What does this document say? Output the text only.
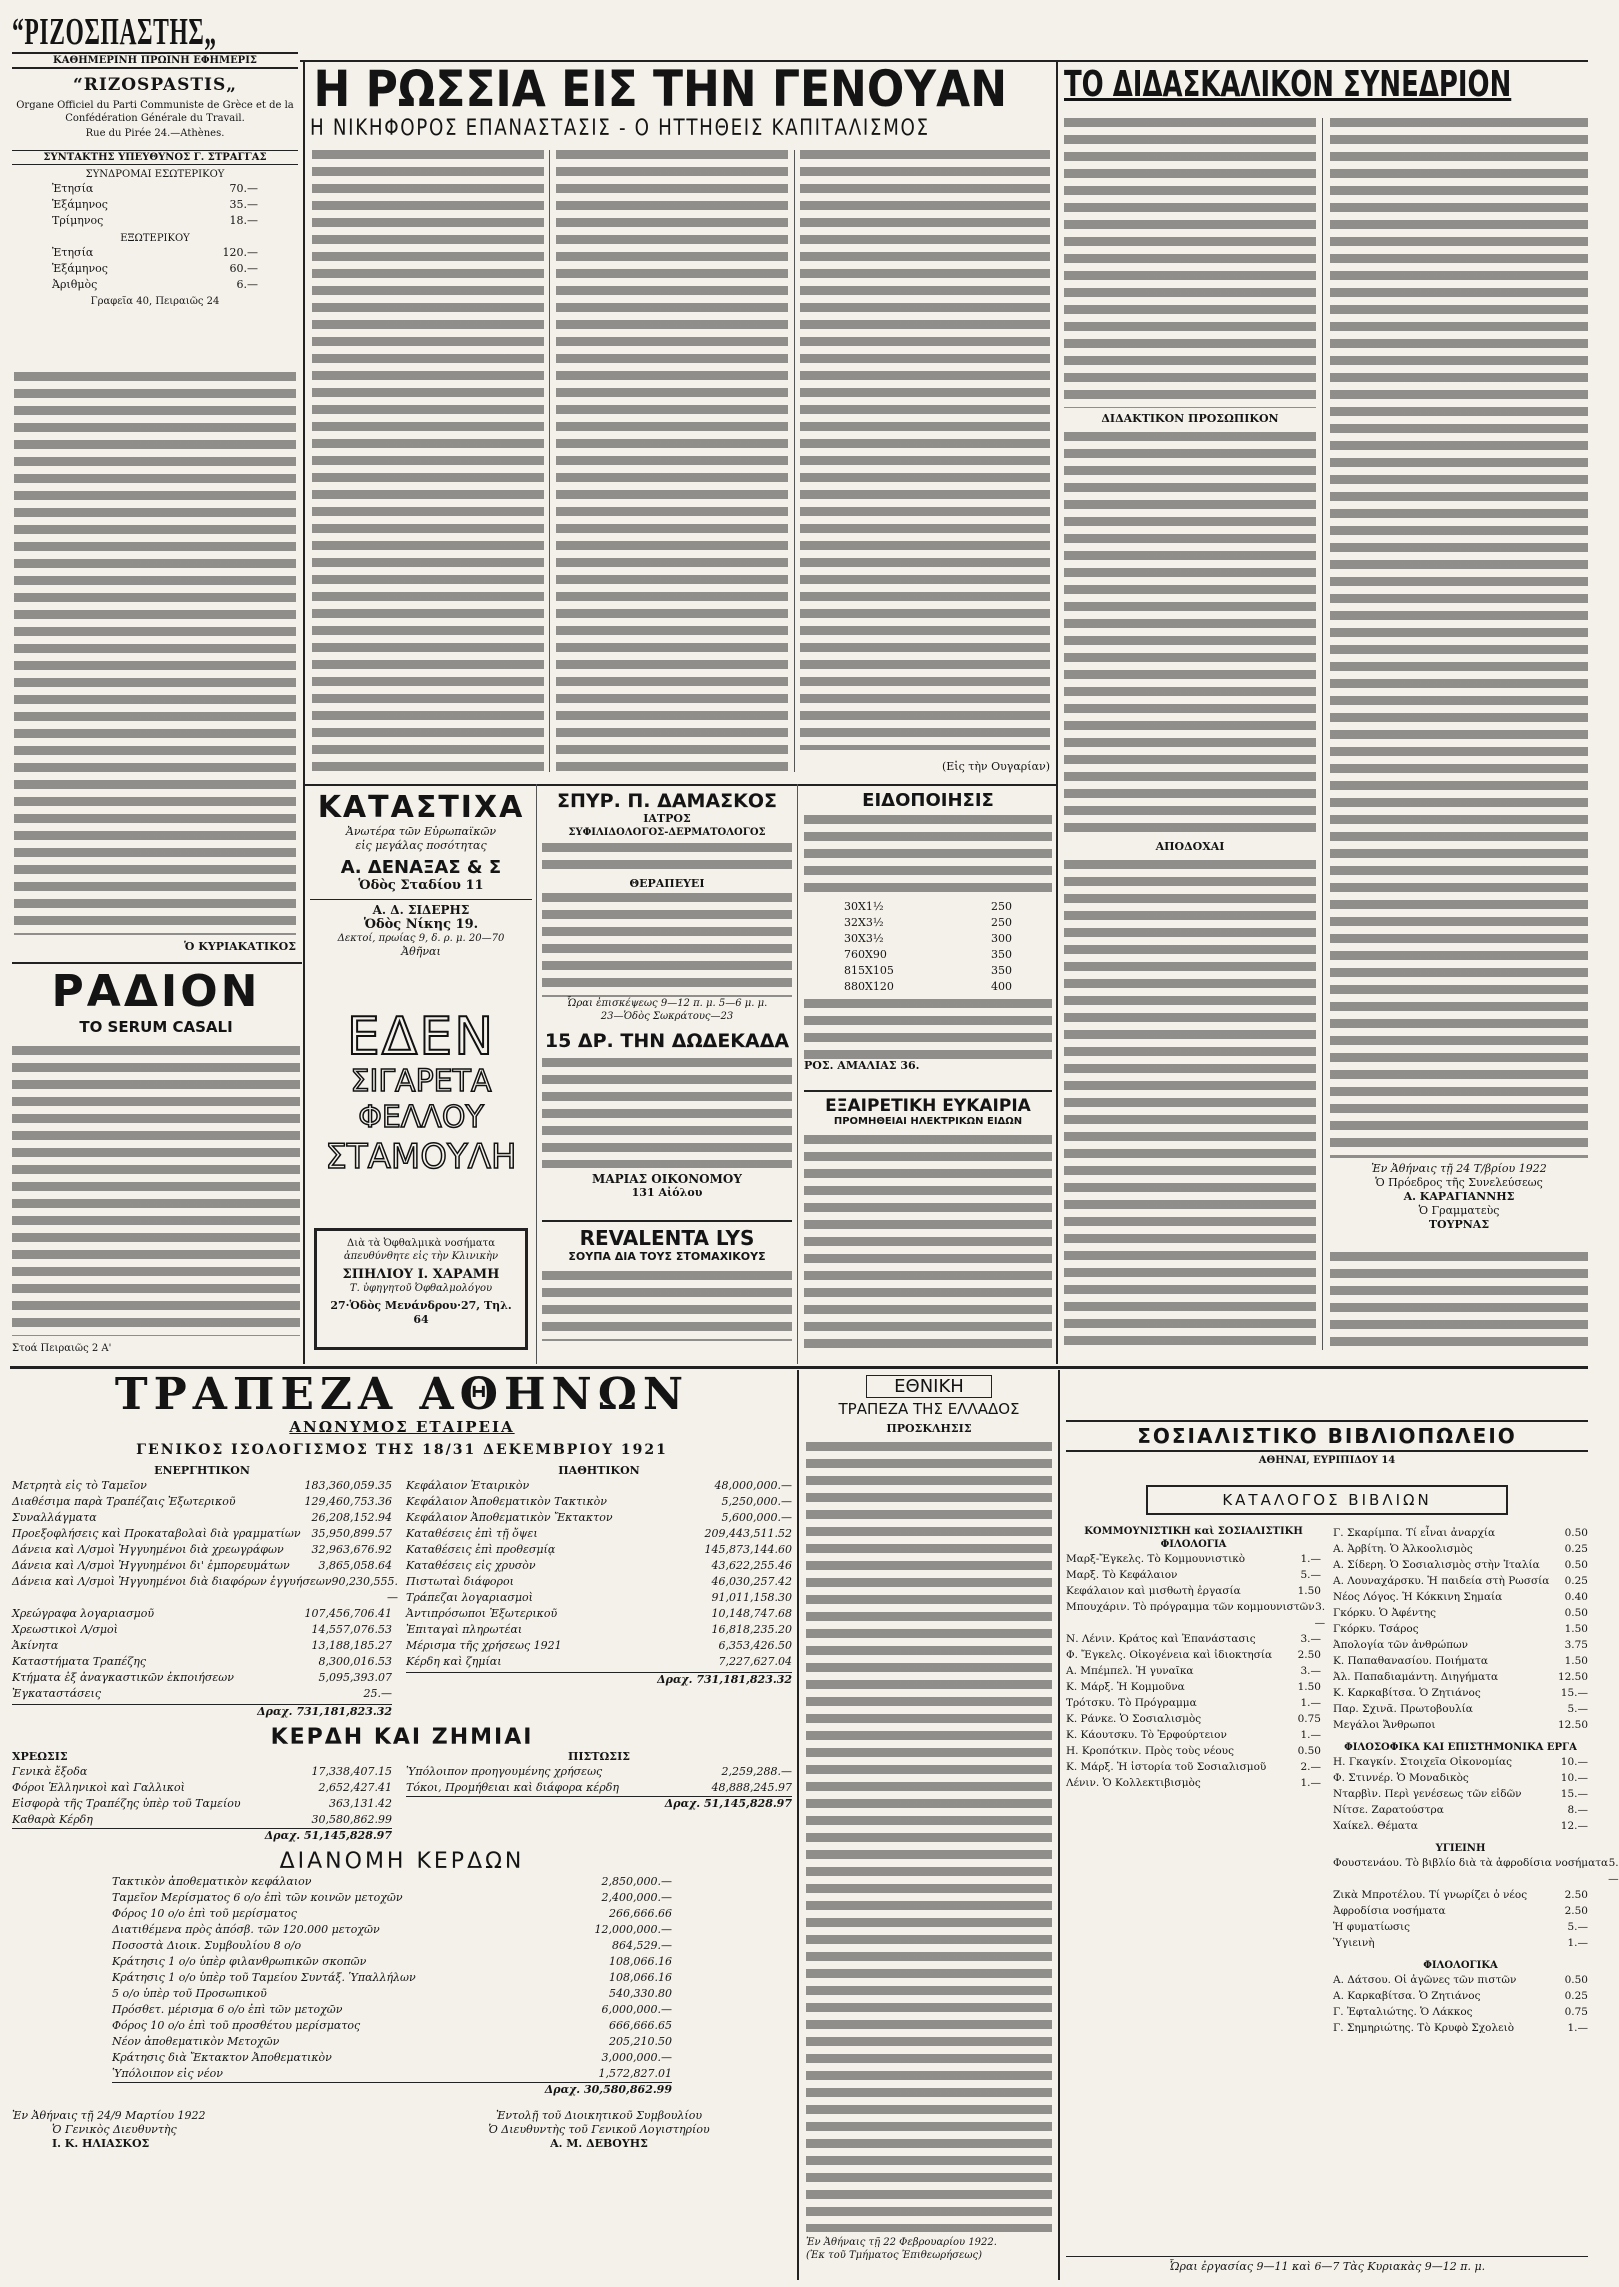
“ΡΙΖΟΣΠΑΣΤΗΣ„
ΚΑΘΗΜΕΡΙΝΗ ΠΡΩΙΝΗ ΕΦΗΜΕΡΙΣ
“RIZOSPASTIS„
Organe Officiel du Parti Communiste de Grèce et de la Confédération Générale du Travail.
Rue du Pirée 24.—Athènes.
ΣΥΝΤΑΚΤΗΣ ΥΠΕΥΘΥΝΟΣ Γ. ΣΤΡΑΓΓΑΣ
ΣΥΝΔΡΟΜΑΙ ΕΣΩΤΕΡΙΚΟΥ
Ἐτησία	70.—
Ἑξάμηνος	35.—
Τρίμηνος	18.—
ΕΞΩΤΕΡΙΚΟΥ
Ἐτησία	120.—
Ἑξάμηνος	60.—
Ἀριθμὸς	6.—
Γραφεῖα 40, Πειραιῶς 24
Ὁ ΚΥΡΙΑΚΑΤΙΚΟΣ
Η ΡΩΣΣΙΑ ΕΙΣ ΤΗΝ ΓΕΝΟΥΑΝ
Η ΝΙΚΗΦΟΡΟΣ ΕΠΑΝΑΣΤΑΣΙΣ - Ο ΗΤΤΗΘΕΙΣ ΚΑΠΙΤΑΛΙΣΜΟΣ
(Εἰς τὴν Ουγαρίαν)
ΤΟ ΔΙΔΑΣΚΑΛΙΚΟΝ ΣΥΝΕΔΡΙΟΝ
ΔΙΔΑΚΤΙΚΟΝ ΠΡΟΣΩΠΙΚΟΝ
ΑΠΟΔΟΧΑΙ
Ἐν Ἀθήναις τῇ 24 Τ/βρίου 1922
Ὁ Πρόεδρος τῆς Συνελεύσεως
Α. ΚΑΡΑΓΙΑΝΝΗΣ
Ὁ Γραμματεὺς
ΤΟΥΡΝΑΣ
ΡΑΔΙΟΝ
ΤΟ SERUM CASALI
Στοά Πειραιῶς 2 Α'
ΚΑΤΑΣΤΙΧΑ
Ἀνωτέρα τῶν Εὐρωπαϊκῶν
εἰς μεγάλας ποσότητας
Α. ΔΕΝΑΞΑΣ & Σ
Ὁδὸς Σταδίου 11
Α. Δ. ΣΙΔΕΡΗΣ
Ὁδὸς Νίκης 19.
Δεκτοί, πρωίας 9, δ. ρ. μ. 20—70
Ἀθῆναι
ΕΔΕΝ
ΣΙΓΑΡΕΤΑ
ΦΕΛΛΟΥ
ΣΤΑΜΟΥΛΗ
Διὰ τὰ Ὀφθαλμικὰ νοσήματα
ἀπευθύνθητε εἰς τὴν Κλινικὴν
ΣΠΗΛΙΟΥ Ι. ΧΑΡΑΜΗ
Τ. ὑφηγητοῦ Ὀφθαλμολόγου
27·Ὁδὸς Μενάνδρου·27, Τηλ. 64
ΣΠΥΡ. Π. ΔΑΜΑΣΚΟΣ
ΙΑΤΡΟΣ
ΣΥΦΙΛΙΔΟΛΟΓΟΣ-ΔΕΡΜΑΤΟΛΟΓΟΣ
ΘΕΡΑΠΕΥΕΙ
Ὧραι ἐπισκέψεως 9—12 π. μ. 5—6 μ. μ.
23—Ὁδὸς Σωκράτους—23
15 ΔΡ. ΤΗΝ ΔΩΔΕΚΑΔΑ
ΜΑΡΙΑΣ ΟΙΚΟΝΟΜΟΥ
131 Αἰόλου
REVALENTA LYS
ΣΟΥΠΑ ΔΙΑ ΤΟΥΣ ΣΤΟΜΑΧΙΚΟΥΣ
ΕΙΔΟΠΟΙΗΣΙΣ
30Χ1½	250
32Χ3½	250
30Χ3½	300
760Χ90	350
815Χ105	350
880Χ120	400
ΡΟΣ. ΑΜΑΛΙΑΣ 36.
ΕΞΑΙΡΕΤΙΚΗ ΕΥΚΑΙΡΙΑ
ΠΡΟΜΗΘΕΙΑΙ ΗΛΕΚΤΡΙΚΩΝ ΕΙΔΩΝ
ΤΡΑΠΕΖΑ ΑΘΗΝΩΝ
ΑΝΩΝΥΜΟΣ ΕΤΑΙΡΕΙΑ
ΓΕΝΙΚΟΣ ΙΣΟΛΟΓΙΣΜΟΣ ΤΗΣ 18/31 ΔΕΚΕΜΒΡΙΟΥ 1921
ΕΝΕΡΓΗΤΙΚΟΝ
Μετρητὰ εἰς τὸ Ταμεῖον	183,360,059.35
Διαθέσιμα παρὰ Τραπέζαις Ἐξωτερικοῦ	129,460,753.36
Συναλλάγματα	26,208,152.94
Προεξοφλήσεις καὶ Προκαταβολαὶ διὰ γραμματίων	35,950,899.57
Δάνεια καὶ Λ/σμοὶ Ἠγγυημένοι διὰ χρεωγράφων	32,963,676.92
Δάνεια καὶ Λ/σμοὶ Ἠγγυημένοι δι' ἐμπορευμάτων	3,865,058.64
Δάνεια καὶ Λ/σμοὶ Ἠγγυημένοι διὰ διαφόρων ἐγγυήσεων 90,230,555.—
Χρεώγραφα λογαριασμοῦ	107,456,706.41
Χρεωστικοὶ Λ/σμοὶ	14,557,076.53
Ἀκίνητα	13,188,185.27
Καταστήματα Τραπέζης	8,300,016.53
Κτήματα ἐξ ἀναγκαστικῶν ἐκποιήσεων	5,095,393.07
Ἐγκαταστάσεις	25.—
Δραχ. 731,181,823.32
ΠΑΘΗΤΙΚΟΝ
Κεφάλαιον Ἑταιρικὸν	48,000,000.—
Κεφάλαιον Ἀποθεματικὸν Τακτικὸν	5,250,000.—
Κεφάλαιον Ἀποθεματικὸν Ἔκτακτον	5,600,000.—
Καταθέσεις ἐπὶ τῇ ὄψει	209,443,511.52
Καταθέσεις ἐπὶ προθεσμίᾳ	145,873,144.60
Καταθέσεις εἰς χρυσὸν	43,622,255.46
Πιστωταὶ διάφοροι	46,030,257.42
Τράπεζαι λογαριασμοὶ	91,011,158.30
Ἀντιπρόσωποι Ἐξωτερικοῦ	10,148,747.68
Ἐπιταγαὶ πληρωτέαι	16,818,235.20
Μέρισμα τῆς χρήσεως 1921	6,353,426.50
Κέρδη καὶ ζημίαι	7,227,627.04
Δραχ. 731,181,823.32
ΚΕΡΔΗ ΚΑΙ ΖΗΜΙΑΙ
ΧΡΕΩΣΙΣ
Γενικὰ ἔξοδα	17,338,407.15
Φόροι Ἑλληνικοὶ καὶ Γαλλικοὶ	2,652,427.41
Εἰσφορὰ τῆς Τραπέζης ὑπὲρ τοῦ Ταμείου	363,131.42
Καθαρὰ Κέρδη	30,580,862.99
Δραχ. 51,145,828.97
ΠΙΣΤΩΣΙΣ
Ὑπόλοιπον προηγουμένης χρήσεως	2,259,288.—
Τόκοι, Προμήθειαι καὶ διάφορα κέρδη	48,888,245.97
Δραχ. 51,145,828.97
ΔΙΑΝΟΜΗ ΚΕΡΔΩΝ
Τακτικὸν ἀποθεματικὸν κεφάλαιον	2,850,000.—
Ταμεῖον Μερίσματος 6 ο/ο ἐπὶ τῶν κοινῶν μετοχῶν	2,400,000.—
Φόρος 10 ο/ο ἐπὶ τοῦ μερίσματος	266,666.66
Διατιθέμενα πρὸς ἀπόσβ. τῶν 120.000 μετοχῶν	12,000,000.—
Ποσοστὰ Διοικ. Συμβουλίου 8 ο/ο	864,529.—
Κράτησις 1 ο/ο ὑπὲρ φιλανθρωπικῶν σκοπῶν	108,066.16
Κράτησις 1 ο/ο ὑπὲρ τοῦ Ταμείου Συντάξ. Ὑπαλλήλων	108,066.16
5 ο/ο ὑπὲρ τοῦ Προσωπικοῦ	540,330.80
Πρόσθετ. μέρισμα 6 ο/ο ἐπὶ τῶν μετοχῶν	6,000,000.—
Φόρος 10 ο/ο ἐπὶ τοῦ προσθέτου μερίσματος	666,666.65
Νέον ἀποθεματικὸν Μετοχῶν	205,210.50
Κράτησις διὰ Ἔκτακτον Ἀποθεματικὸν	3,000,000.—
Ὑπόλοιπον εἰς νέον	1,572,827.01
Δραχ. 30,580,862.99
Ἐν Ἀθήναις τῇ 24/9 Μαρτίου 1922
Ὁ Γενικὸς Διευθυντὴς
Ι. Κ. ΗΛΙΑΣΚΟΣ
Ἐντολῇ τοῦ Διοικητικοῦ Συμβουλίου
Ὁ Διευθυντὴς τοῦ Γενικοῦ Λογιστηρίου
Α. Μ. ΔΕΒΟΥΗΣ
ΕΘΝΙΚΗ
ΤΡΑΠΕΖΑ ΤΗΣ ΕΛΛΑΔΟΣ
ΠΡΟΣΚΛΗΣΙΣ
Ἐν Ἀθήναις τῇ 22 Φεβρουαρίου 1922.
(Ἐκ τοῦ Τμήματος Ἐπιθεωρήσεως)
ΣΟΣΙΑΛΙΣΤΙΚΟ ΒΙΒΛΙΟΠΩΛΕΙΟ
ΑΘΗΝΑΙ, ΕΥΡΙΠΙΔΟΥ 14
ΚΑΤΑΛΟΓΟΣ ΒΙΒΛΙΩΝ
ΚΟΜΜΟΥΝΙΣΤΙΚΗ καὶ ΣΟΣΙΑΛΙΣΤΙΚΗ ΦΙΛΟΛΟΓΙΑ
Μαρξ-Ἔγκελς. Τὸ Κομμουνιστικὸ	1.—
Μαρξ. Τὸ Κεφάλαιον	5.—
Κεφάλαιον καὶ μισθωτὴ ἐργασία	1.50
Μπουχάριν. Τὸ πρόγραμμα τῶν κομμουνιστῶν 3.—
Ν. Λένιν. Κράτος καὶ Ἐπανάστασις	3.—
Φ. Ἔγκελς. Οἰκογένεια καὶ ἰδιοκτησία	2.50
Α. Μπέμπελ. Ἡ γυναῖκα	3.—
Κ. Μάρξ. Ἡ Κομμοῦνα	1.50
Τρότσκυ. Τὸ Πρόγραμμα	1.—
Κ. Ράνκε. Ὁ Σοσιαλισμὸς	0.75
Κ. Κάουτσκυ. Τὸ Ἐρφούρτειον	1.—
Η. Κροπότκιν. Πρὸς τοὺς νέους	0.50
Κ. Μάρξ. Ἡ ἱστορία τοῦ Σοσιαλισμοῦ	2.—
Λένιν. Ὁ Κολλεκτιβισμὸς	1.—
Γ. Σκαρίμπα. Τί εἶναι ἀναρχία	0.50
Α. Ἀρβίτη. Ὁ Ἀλκοολισμὸς	0.25
Α. Σίδερη. Ὁ Σοσιαλισμὸς στὴν Ἰταλία	0.50
Α. Λουναχάρσκυ. Ἡ παιδεία στὴ Ρωσσία	0.25
Νέος Λόγος. Ἡ Κόκκινη Σημαία	0.40
Γκόρκυ. Ὁ Ἀφέντης	0.50
Γκόρκυ. Τσάρος	1.50
Ἀπολογία τῶν ἀνθρώπων	3.75
Κ. Παπαθανασίου. Ποιήματα	1.50
Ἀλ. Παπαδιαμάντη. Διηγήματα	12.50
Κ. Καρκαβίτσα. Ὁ Ζητιάνος	15.—
Παρ. Σχινᾶ. Πρωτοβουλία	5.—
Μεγάλοι Ἄνθρωποι	12.50
ΦΙΛΟΣΟΦΙΚΑ ΚΑΙ ΕΠΙΣΤΗΜΟΝΙΚΑ ΕΡΓΑ
Η. Γκαγκίν. Στοιχεῖα Οἰκονομίας	10.—
Φ. Στιννέρ. Ὁ Μοναδικὸς	10.—
Νταρβὶν. Περὶ γενέσεως τῶν εἰδῶν	15.—
Νίτσε. Ζαρατούστρα	8.—
Χαίκελ. Θέματα	12.—
ΥΓΙΕΙΝΗ
Φουστενάου. Τὸ βιβλίο διὰ τὰ ἀφροδίσια νοσήματα 5.—
Ζικὰ Μπροτέλου. Τί γνωρίζει ὁ νέος	2.50
Ἀφροδίσια νοσήματα	2.50
Ἡ φυματίωσις	5.—
Ὑγιεινὴ	1.—
ΦΙΛΟΛΟΓΙΚΑ
Α. Δάτσου. Οἱ ἀγῶνες τῶν πιστῶν	0.50
Α. Καρκαβίτσα. Ὁ Ζητιάνος	0.25
Γ. Ἐφταλιώτης. Ὁ Λάκκος	0.75
Γ. Σημηριώτης. Τὸ Κρυφὸ Σχολειὸ	1.—
Ὧραι ἐργασίας 9—11 καὶ 6—7 Τὰς Κυριακὰς 9—12 π. μ.
